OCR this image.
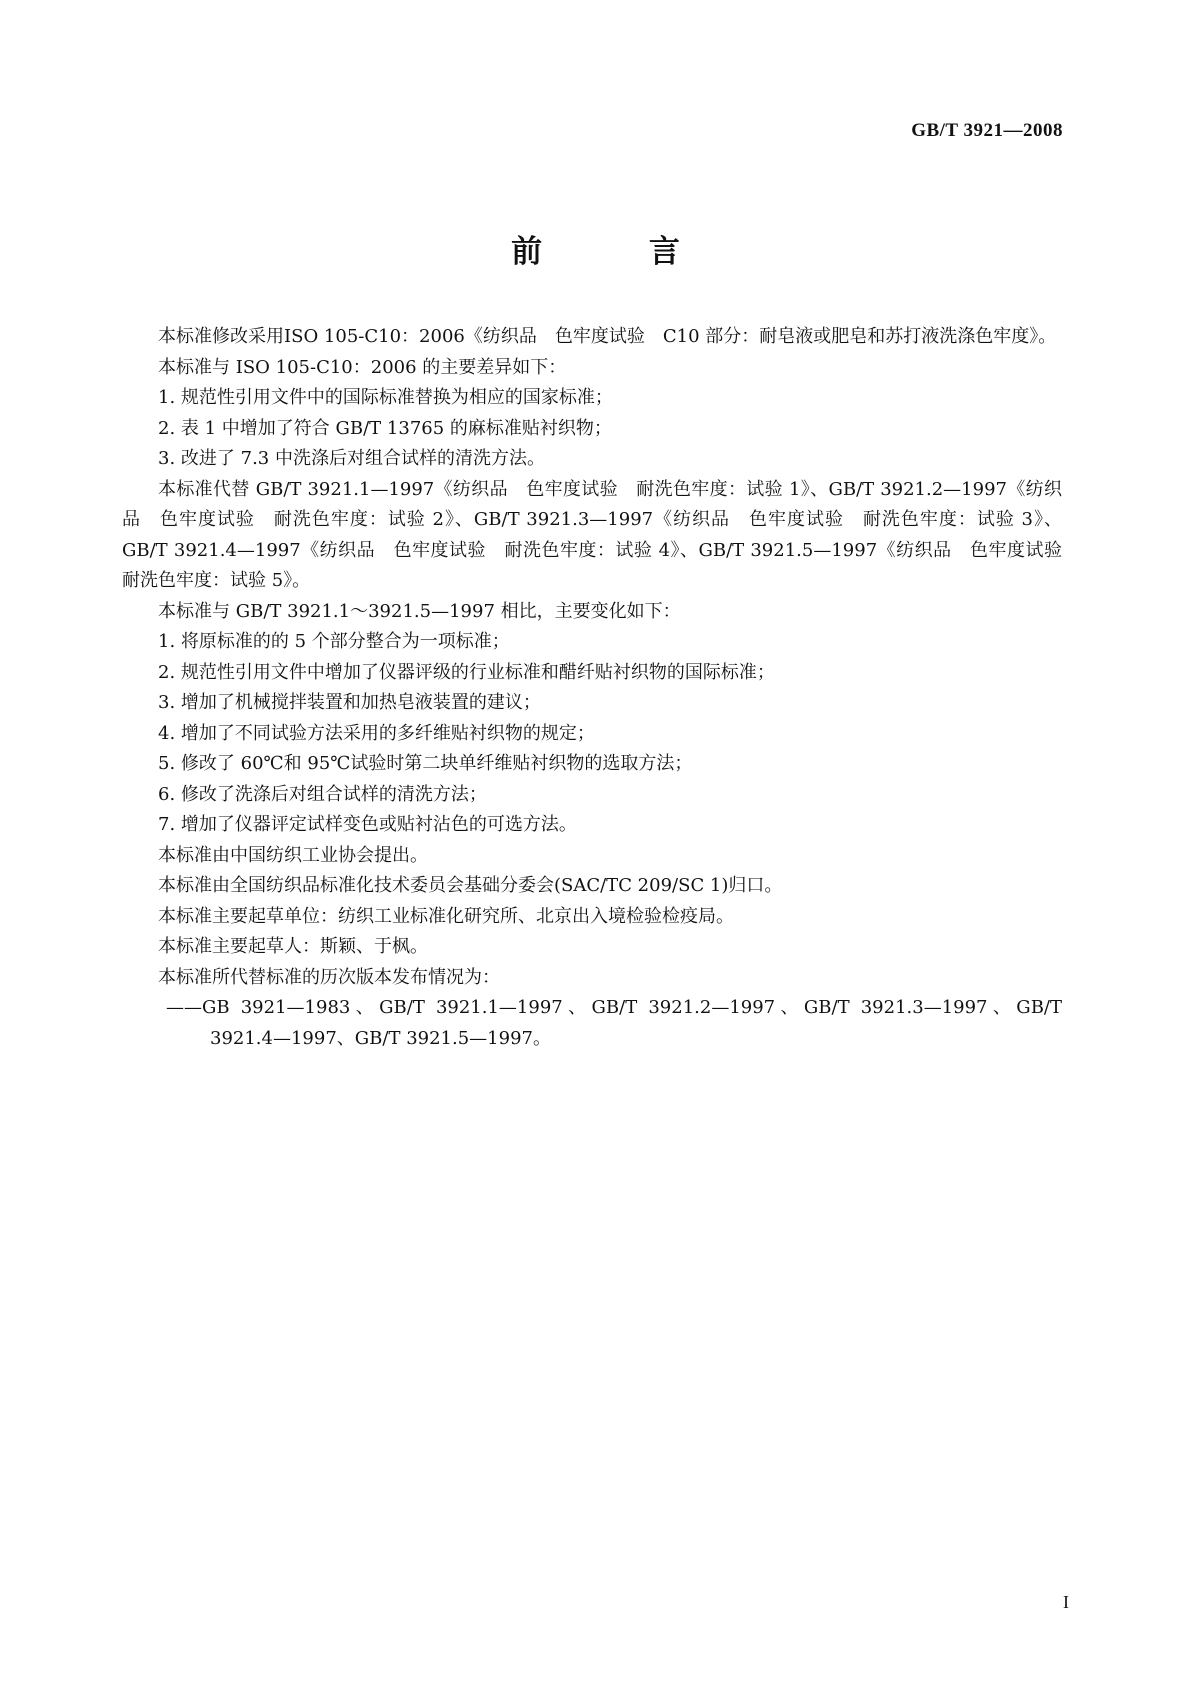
GB/T 3921—2008
前 言

本标准修改采用ISO 105-C10：2006《纺织品　色牢度试验　C10 部分：耐皂液或肥皂和苏打液洗涤色牢度》。

本标准与 ISO 105-C10：2006 的主要差异如下：

1. 规范性引用文件中的国际标准替换为相应的国家标准；

2. 表 1 中增加了符合 GB/T 13765 的麻标准贴衬织物；

3. 改进了 7.3 中洗涤后对组合试样的清洗方法。

本标准代替 GB/T 3921.1—1997《纺织品　色牢度试验　耐洗色牢度：试验 1》、GB/T 3921.2—1997《纺织品　色牢度试验　耐洗色牢度：试验 2》、GB/T 3921.3—1997《纺织品　色牢度试验　耐洗色牢度：试验 3》、GB/T 3921.4—1997《纺织品　色牢度试验　耐洗色牢度：试验 4》、GB/T 3921.5—1997《纺织品　色牢度试验　耐洗色牢度：试验 5》。

本标准与 GB/T 3921.1～3921.5—1997 相比，主要变化如下：

1. 将原标准的的 5 个部分整合为一项标准；

2. 规范性引用文件中增加了仪器评级的行业标准和醋纤贴衬织物的国际标准；

3. 增加了机械搅拌装置和加热皂液装置的建议；

4. 增加了不同试验方法采用的多纤维贴衬织物的规定；

5. 修改了 60℃和 95℃试验时第二块单纤维贴衬织物的选取方法；

6. 修改了洗涤后对组合试样的清洗方法；

7. 增加了仪器评定试样变色或贴衬沾色的可选方法。

本标准由中国纺织工业协会提出。

本标准由全国纺织品标准化技术委员会基础分委会(SAC/TC 209/SC 1)归口。

本标准主要起草单位：纺织工业标准化研究所、北京出入境检验检疫局。

本标准主要起草人：斯颖、于枫。

本标准所代替标准的历次版本发布情况为：

——GB 3921—1983、GB/T 3921.1—1997、GB/T 3921.2—1997、GB/T 3921.3—1997、GB/T 3921.4—1997、GB/T 3921.5—1997。

I
